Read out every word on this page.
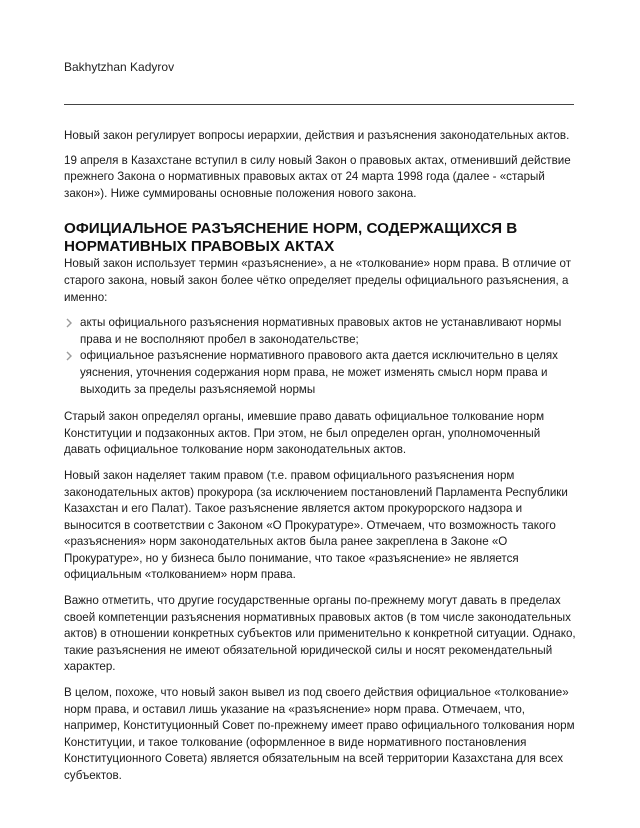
Bakhytzhan Kadyrov

Новый закон регулирует вопросы иерархии, действия и разъяснения законодательных актов.

19 апреля в Казахстане вступил в силу новый Закон о правовых актах, отменивший действие прежнего Закона о нормативных правовых актах от 24 марта 1998 года (далее - «старый закон»). Ниже суммированы основные положения нового закона.

ОФИЦИАЛЬНОЕ РАЗЪЯСНЕНИЕ НОРМ, СОДЕРЖАЩИХСЯ В НОРМАТИВНЫХ ПРАВОВЫХ АКТАХ

Новый закон использует термин «разъяснение», а не «толкование» норм права. В отличие от старого закона, новый закон более чётко определяет пределы официального разъяснения, а именно:

акты официального разъяснения нормативных правовых актов не устанавливают нормы права и не восполняют пробел в законодательстве;
официальное разъяснение нормативного правового акта дается исключительно в целях уяснения, уточнения содержания норм права, не может изменять смысл норм права и выходить за пределы разъясняемой нормы

Старый закон определял органы, имевшие право давать официальное толкование норм Конституции и подзаконных актов. При этом, не был определен орган, уполномоченный давать официальное толкование норм законодательных актов.

Новый закон наделяет таким правом (т.е. правом официального разъяснения норм законодательных актов) прокурора (за исключением постановлений Парламента Республики Казахстан и его Палат). Такое разъяснение является актом прокурорского надзора и выносится в соответствии с Законом «О Прокуратуре». Отмечаем, что возможность такого «разъяснения» норм законодательных актов была ранее закреплена в Законе «О Прокуратуре», но у бизнеса было понимание, что такое «разъяснение» не является официальным «толкованием» норм права.

Важно отметить, что другие государственные органы по-прежнему могут давать в пределах своей компетенции разъяснения нормативных правовых актов (в том числе законодательных актов) в отношении конкретных субъектов или применительно к конкретной ситуации. Однако, такие разъяснения не имеют обязательной юридической силы и носят рекомендательный характер.

В целом, похоже, что новый закон вывел из под своего действия официальное «толкование» норм права, и оставил лишь указание на «разъяснение» норм права. Отмечаем, что, например, Конституционный Совет по-прежнему имеет право официального толкования норм Конституции, и такое толкование (оформленное в виде нормативного постановления Конституционного Совета) является обязательным на всей территории Казахстана для всех субъектов.
